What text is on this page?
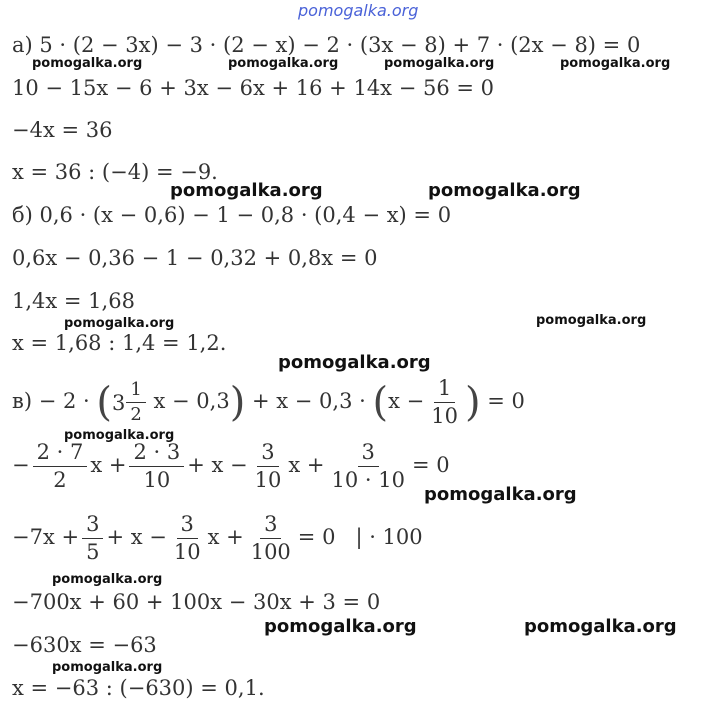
pomogalka.org
а) 5 · (2 − 3x) − 3 · (2 − x) − 2 · (3x − 8) + 7 · (2x − 8) = 0
10 − 15x − 6 + 3x − 6x + 16 + 14x − 56 = 0
−4x = 36
x = 36 : (−4) = −9.
б) 0,6 · (x − 0,6) − 1 − 0,8 · (0,4 − x) = 0
0,6x − 0,36 − 1 − 0,32 + 0,8x = 0
1,4x = 1,68
x = 1,68 : 1,4 = 1,2.
в) − 2 · ( $3 \frac{1}{2}$ $x - 0,3) + x - 0,3 \cdot (x - \frac{1}{10}$ ) = 0
− $\frac{2 \cdot 7}{2}$ $x + \frac{2 \cdot 3}{10} + x - \frac{3}{10}$ $x + \frac{3}{10 \cdot 10} = 0$
$-7x + \frac{3}{5} + x - \frac{3}{10}$ $x + \frac{3}{100} = 0$   | · 100
−700x + 60 + 100x − 30x + 3 = 0
−630x = −63
x = −63 : (−630) = 0,1.
pomogalka.org	pomogalka.org	pomogalka.org	pomogalka.org
pomogalka.org	pomogalka.org
pomogalka.org	pomogalka.org
pomogalka.org
pomogalka.org
pomogalka.org
pomogalka.org
pomogalka.org	pomogalka.org
pomogalka.org
